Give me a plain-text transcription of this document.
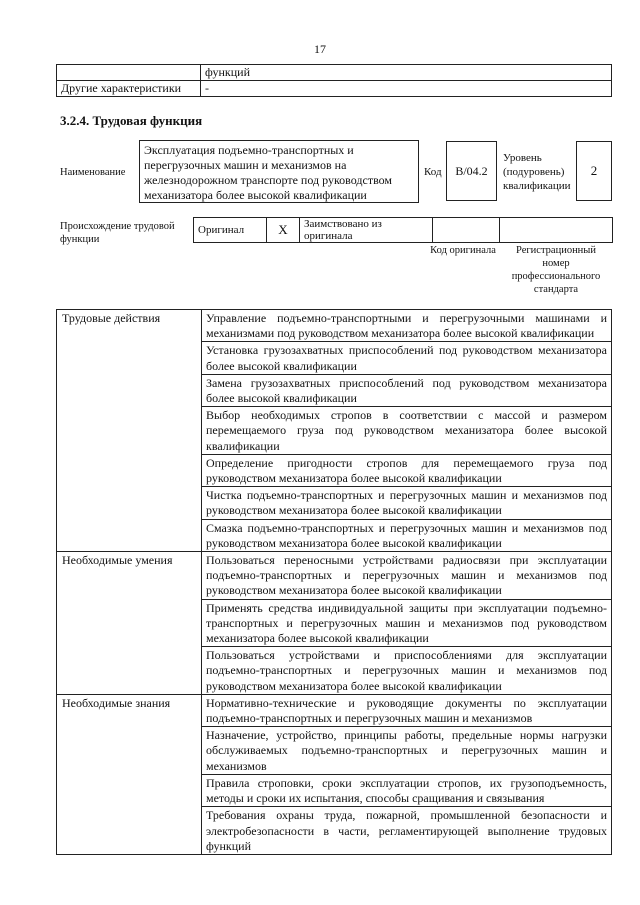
17
	функций
Другие характеристики	-
3.2.4. Трудовая функция
Наименование
Эксплуатация подъемно-транспортных и перегрузочных машин и механизмов на железнодорожном транспорте под руководством механизатора более высокой квалификации
Код	В/04.2
Уровень (подуровень) квалификации
2
Происхождение трудовой функции
Оригинал	X	Заимствовано из оригинала		
Код оригинала	Регистрационный номер профессионального стандарта
Трудовые действия	Управление подъемно-транспортными и перегрузочными машинами и механизмами под руководством механизатора более высокой квалификации
	Установка грузозахватных приспособлений под руководством механизатора более высокой квалификации
	Замена грузозахватных приспособлений под руководством механизатора более высокой квалификации
	Выбор необходимых стропов в соответствии с массой и размером перемещаемого груза под руководством механизатора более высокой квалификации
	Определение пригодности стропов для перемещаемого груза под руководством механизатора более высокой квалификации
	Чистка подъемно-транспортных и перегрузочных машин и механизмов под руководством механизатора более высокой квалификации
	Смазка подъемно-транспортных и перегрузочных машин и механизмов под руководством механизатора более высокой квалификации
Необходимые умения	Пользоваться переносными устройствами радиосвязи при эксплуатации подъемно-транспортных и перегрузочных машин и механизмов под руководством механизатора более высокой квалификации
	Применять средства индивидуальной защиты при эксплуатации подъемно-транспортных и перегрузочных машин и механизмов под руководством механизатора более высокой квалификации
	Пользоваться устройствами и приспособлениями для эксплуатации подъемно-транспортных и перегрузочных машин и механизмов под руководством механизатора более высокой квалификации
Необходимые знания	Нормативно-технические и руководящие документы по эксплуатации подъемно-транспортных и перегрузочных машин и механизмов
	Назначение, устройство, принципы работы, предельные нормы нагрузки обслуживаемых подъемно-транспортных и перегрузочных машин и механизмов
	Правила строповки, сроки эксплуатации стропов, их грузоподъемность, методы и сроки их испытания, способы сращивания и связывания
	Требования охраны труда, пожарной, промышленной безопасности и электробезопасности в части, регламентирующей выполнение трудовых функций
